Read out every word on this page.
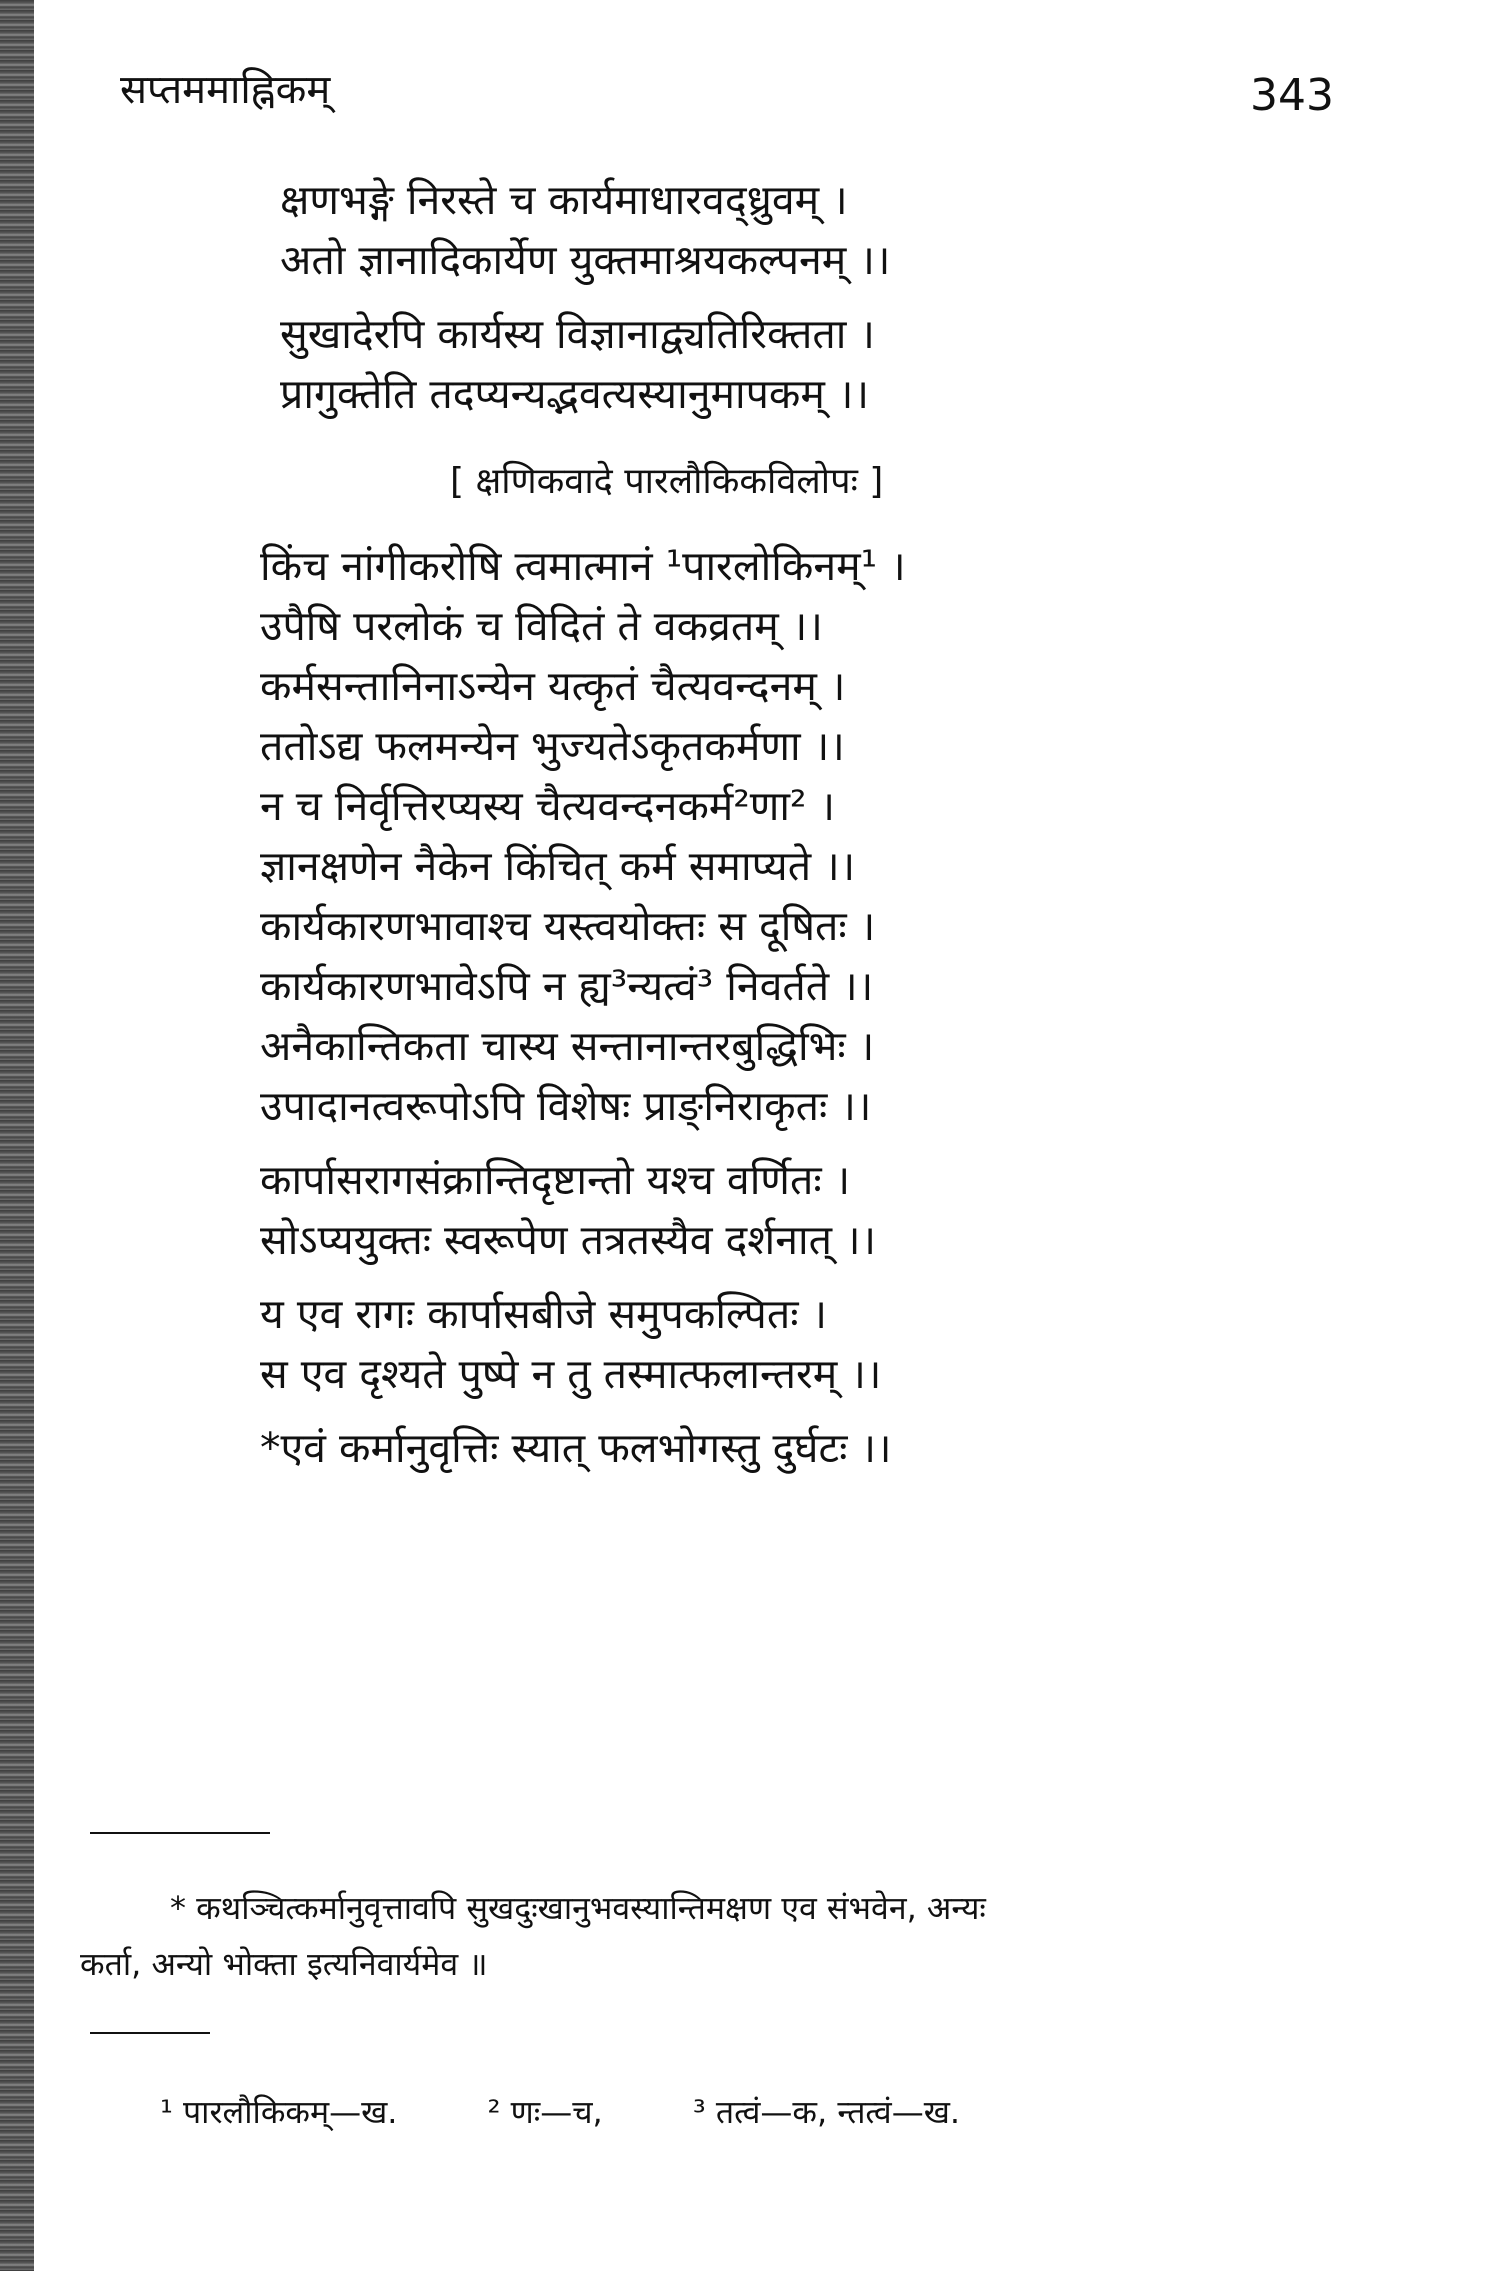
सप्तममाह्निकम्	343
क्षणभङ्गे निरस्ते च कार्यमाधारवद्ध्रुवम् ।
अतो ज्ञानादिकार्येण युक्तमाश्रयकल्पनम् ।।
सुखादेरपि कार्यस्य विज्ञानाद्व्यतिरिक्तता ।
प्रागुक्तेति तदप्यन्यद्भवत्यस्यानुमापकम् ।।
[ क्षणिकवादे पारलौकिकविलोपः ]
किंच नांगीकरोषि त्वमात्मानं ¹पारलोकिनम्¹ ।
उपैषि परलोकं च विदितं ते वकव्रतम् ।।
कर्मसन्तानिनाऽन्येन यत्कृतं चैत्यवन्दनम् ।
ततोऽद्य फलमन्येन भुज्यतेऽकृतकर्मणा ।।
न च निर्वृत्तिरप्यस्य चैत्यवन्दनकर्म²णा² ।
ज्ञानक्षणेन नैकेन किंचित् कर्म समाप्यते ।।
कार्यकारणभावाश्च यस्त्वयोक्तः स दूषितः ।
कार्यकारणभावेऽपि न ह्य³न्यत्वं³ निवर्तते ।।
अनैकान्तिकता चास्य सन्तानान्तरबुद्धिभिः ।
उपादानत्वरूपोऽपि विशेषः प्राङ्निराकृतः ।।
कार्पासरागसंक्रान्तिदृष्टान्तो यश्च वर्णितः ।
सोऽप्ययुक्तः स्वरूपेण तत्रतस्यैव दर्शनात् ।।
य एव रागः कार्पासबीजे समुपकल्पितः ।
स एव दृश्यते पुष्पे न तु तस्मात्फलान्तरम् ।।
*एवं कर्मानुवृत्तिः स्यात् फलभोगस्तु दुर्घटः ।।
* कथञ्चित्कर्मानुवृत्तावपि सुखदुःखानुभवस्यान्तिमक्षण एव संभवेन, अन्यः
कर्ता, अन्यो भोक्ता इत्यनिवार्यमेव ॥
¹ पारलौकिकम्—ख.	² णः—च,	³ तत्वं—क, न्तत्वं—ख.
